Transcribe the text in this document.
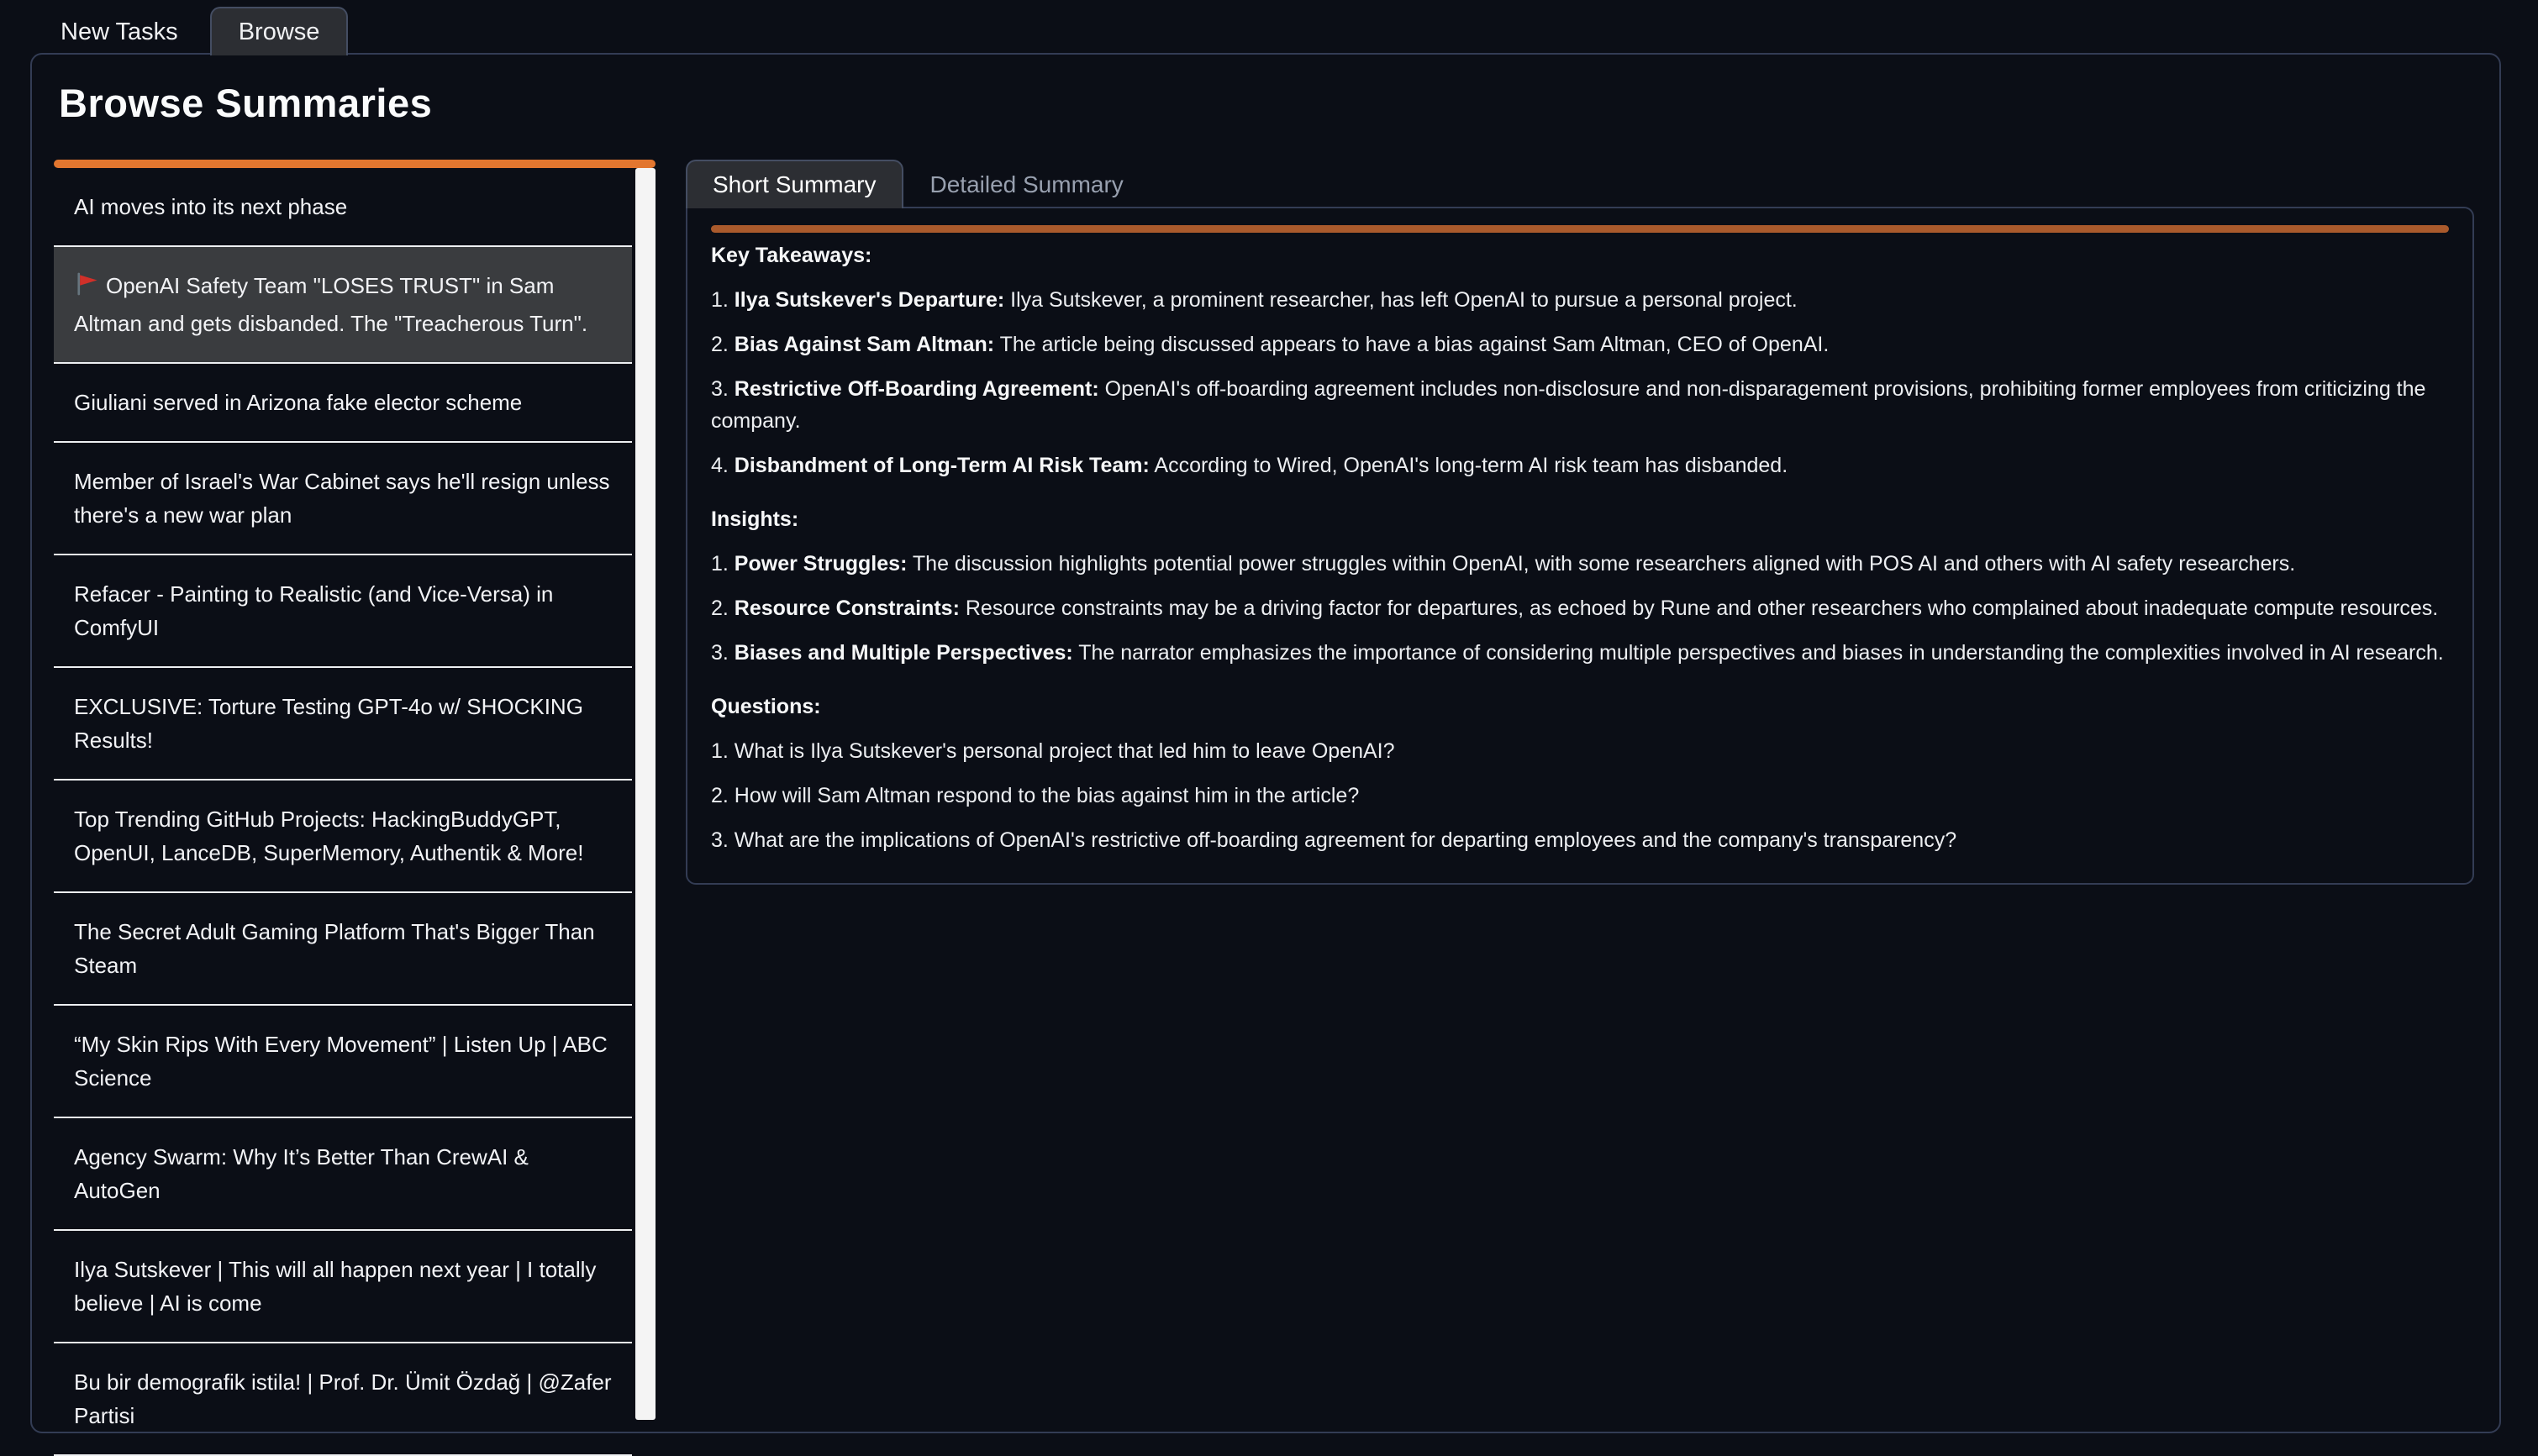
New Tasks	Browse
Browse Summaries
AI moves into its next phase
OpenAI Safety Team "LOSES TRUST" in Sam Altman and gets disbanded. The "Treacherous Turn".
Giuliani served in Arizona fake elector scheme
Member of Israel's War Cabinet says he'll resign unless there's a new war plan
Refacer - Painting to Realistic (and Vice-Versa) in ComfyUI
EXCLUSIVE: Torture Testing GPT-4o w/ SHOCKING Results!
Top Trending GitHub Projects: HackingBuddyGPT, OpenUI, LanceDB, SuperMemory, Authentik & More!
The Secret Adult Gaming Platform That's Bigger Than Steam
“My Skin Rips With Every Movement” | Listen Up | ABC Science
Agency Swarm: Why It’s Better Than CrewAI & AutoGen
Ilya Sutskever | This will all happen next year | I totally believe | AI is come
Bu bir demografik istila! | Prof. Dr. Ümit Özdağ | @Zafer Partisi
Short Summary	Detailed Summary
Key Takeaways:

1. Ilya Sutskever's Departure: Ilya Sutskever, a prominent researcher, has left OpenAI to pursue a personal project.

2. Bias Against Sam Altman: The article being discussed appears to have a bias against Sam Altman, CEO of OpenAI.

3. Restrictive Off-Boarding Agreement: OpenAI's off-boarding agreement includes non-disclosure and non-disparagement provisions, prohibiting former employees from criticizing the company.

4. Disbandment of Long-Term AI Risk Team: According to Wired, OpenAI's long-term AI risk team has disbanded.

Insights:

1. Power Struggles: The discussion highlights potential power struggles within OpenAI, with some researchers aligned with POS AI and others with AI safety researchers.

2. Resource Constraints: Resource constraints may be a driving factor for departures, as echoed by Rune and other researchers who complained about inadequate compute resources.

3. Biases and Multiple Perspectives: The narrator emphasizes the importance of considering multiple perspectives and biases in understanding the complexities involved in AI research.

Questions:

1. What is Ilya Sutskever's personal project that led him to leave OpenAI?

2. How will Sam Altman respond to the bias against him in the article?

3. What are the implications of OpenAI's restrictive off-boarding agreement for departing employees and the company's transparency?
